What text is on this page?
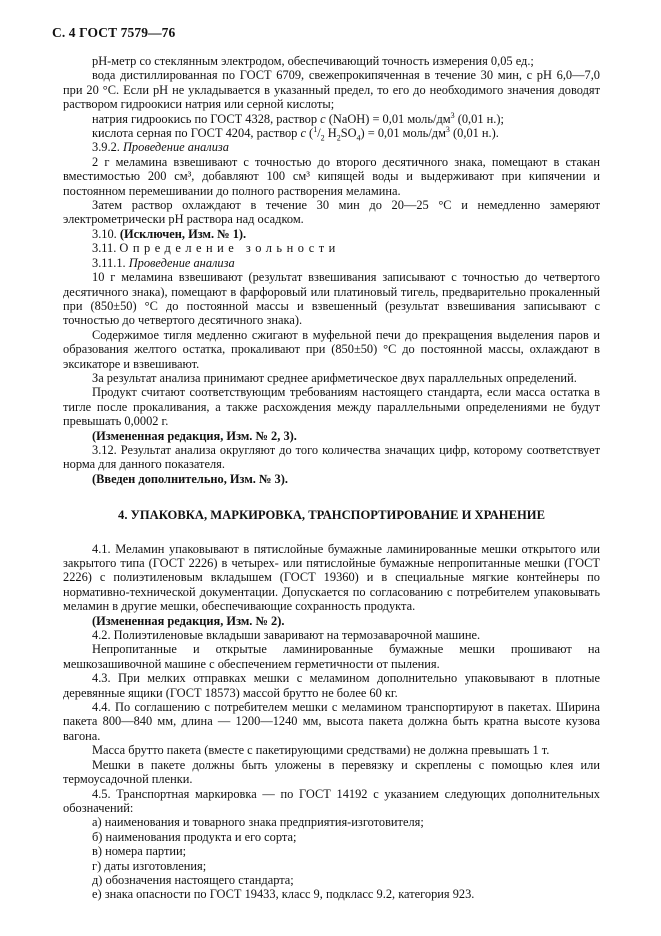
С. 4 ГОСТ 7579—76

pH-метр со стеклянным электродом, обеспечивающий точность измерения 0,05 ед.;

вода дистиллированная по ГОСТ 6709, свежепрокипяченная в течение 30 мин, с pH 6,0—7,0 при 20 °С. Если pH не укладывается в указанный предел, то его до необходимого значения доводят раствором гидроокиси натрия или серной кислоты;

натрия гидроокись по ГОСТ 4328, раствор c (NaOH) = 0,01 моль/$дм^3$ (0,01 н.);

кислота серная по ГОСТ 4204, раствор c ($^1/_2$ $H_2SO_4) = 0,01$ моль/$дм^3$ (0,01 н.).

3.9.2. Проведение анализа

2 г меламина взвешивают с точностью до второго десятичного знака, помещают в стакан вместимостью 200 см³, добавляют 100 см³ кипящей воды и выдерживают при кипячении и постоянном перемешивании до полного растворения меламина.

Затем раствор охлаждают в течение 30 мин до 20—25 °С и немедленно замеряют электрометрически pH раствора над осадком.

3.10. (Исключен, Изм. № 1).

3.11. Определение зольности

3.11.1. Проведение анализа

10 г меламина взвешивают (результат взвешивания записывают с точностью до четвертого десятичного знака), помещают в фарфоровый или платиновый тигель, предварительно прокаленный при (850±50) °С до постоянной массы и взвешенный (результат взвешивания записывают с точностью до четвертого десятичного знака).

Содержимое тигля медленно сжигают в муфельной печи до прекращения выделения паров и образования желтого остатка, прокаливают при (850±50) °С до постоянной массы, охлаждают в эксикаторе и взвешивают.

За результат анализа принимают среднее арифметическое двух параллельных определений.

Продукт считают соответствующим требованиям настоящего стандарта, если масса остатка в тигле после прокаливания, а также расхождения между параллельными определениями не будут превышать 0,0002 г.

(Измененная редакция, Изм. № 2, 3).

3.12. Результат анализа округляют до того количества значащих цифр, которому соответствует норма для данного показателя.

(Введен дополнительно, Изм. № 3).

4. УПАКОВКА, МАРКИРОВКА, ТРАНСПОРТИРОВАНИЕ И ХРАНЕНИЕ

4.1. Меламин упаковывают в пятислойные бумажные ламинированные мешки открытого или закрытого типа (ГОСТ 2226) в четырех- или пятислойные бумажные непропитанные мешки (ГОСТ 2226) с полиэтиленовым вкладышем (ГОСТ 19360) и в специальные мягкие контейнеры по нормативно-технической документации. Допускается по согласованию с потребителем упаковывать меламин в другие мешки, обеспечивающие сохранность продукта.

(Измененная редакция, Изм. № 2).

4.2. Полиэтиленовые вкладыши заваривают на термозаварочной машине.

Непропитанные и открытые ламинированные бумажные мешки прошивают на мешкозашивочной машине с обеспечением герметичности от пыления.

4.3. При мелких отправках мешки с меламином дополнительно упаковывают в плотные деревянные ящики (ГОСТ 18573) массой брутто не более 60 кг.

4.4. По соглашению с потребителем мешки с меламином транспортируют в пакетах. Ширина пакета 800—840 мм, длина — 1200—1240 мм, высота пакета должна быть кратна высоте кузова вагона.

Масса брутто пакета (вместе с пакетирующими средствами) не должна превышать 1 т.

Мешки в пакете должны быть уложены в перевязку и скреплены с помощью клея или термоусадочной пленки.

4.5. Транспортная маркировка — по ГОСТ 14192 с указанием следующих дополнительных обозначений:

а) наименования и товарного знака предприятия-изготовителя;

б) наименования продукта и его сорта;

в) номера партии;

г) даты изготовления;

д) обозначения настоящего стандарта;

е) знака опасности по ГОСТ 19433, класс 9, подкласс 9.2, категория 923.
